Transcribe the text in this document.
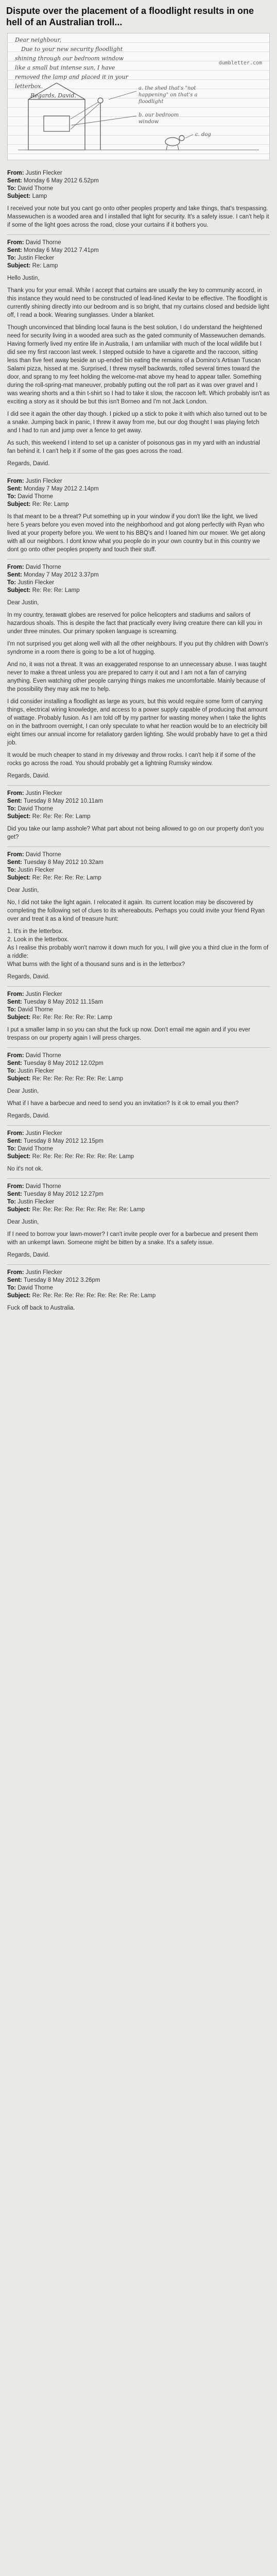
Dispute over the placement of a floodlight results in one hell of an Australian troll...
Dear neighbour,
Due to your new security floodlight
shining through our bedroom window
like a small but intense sun, I have
removed the lamp and placed it in your
letterbox.
Regards, David.
dumbletter.com
a. the shed that's "not happening" on that's a floodlight
b. our bedroom window
c. dog
From: Justin Flecker
Sent: Monday 6 May 2012 6.52pm
To: David Thorne
Subject: Lamp

I received your note but you cant go onto other peoples property and take things, that's trespassing. Massewuchen is a wooded area and I installed that light for security. It's a safety issue. I can't help it if some of the light goes across the road, close your curtains if it bothers you.

From: David Thorne
Sent: Monday 6 May 2012 7.41pm
To: Justin Flecker
Subject: Re: Lamp

Hello Justin,

Thank you for your email. While I accept that curtains are usually the key to community accord, in this instance they would need to be constructed of lead-lined Kevlar to be effective. The floodlight is currently shining directly into our bedroom and is so bright, that my curtains closed and bedside light off, I read a book. Wearing sunglasses. Under a blanket.

Though unconvinced that blinding local fauna is the best solution, I do understand the heightened need for security living in a wooded area such as the gated community of Massewuchen demands. Having formerly lived my entire life in Australia, I am unfamiliar with much of the local wildlife but I did see my first raccoon last week. I stepped outside to have a cigarette and the raccoon, sitting less than five feet away beside an up-ended bin eating the remains of a Domino's Artisan Tuscan Salami pizza, hissed at me. Surprised, I threw myself backwards, rolled several times toward the door, and sprang to my feet holding the welcome-mat above my head to appear taller. Something during the roll-spring-mat maneuver, probably putting out the roll part as it was over gravel and I was wearing shorts and a thin t-shirt so I had to take it slow, the raccoon left. Which probably isn't as exciting a story as it should be but this isn't Borneo and I'm not Jack London.

I did see it again the other day though. I picked up a stick to poke it with which also turned out to be a snake. Jumping back in panic, I threw it away from me, but our dog thought I was playing fetch and I had to run and jump over a fence to get away.

As such, this weekend I intend to set up a canister of poisonous gas in my yard with an industrial fan behind it. I can't help it if some of the gas goes across the road.

Regards, David.

From: Justin Flecker
Sent: Monday 7 May 2012 2.14pm
To: David Thorne
Subject: Re: Re: Lamp

Is that meant to be a threat? Put something up in your window if you don't like the light, we lived here 5 years before you even moved into the neighborhood and got along perfectly with Ryan who lived at your property before you. We went to his BBQ's and I loaned him our mower. We get along with all our neighbors. I dont know what you people do in your own country but in this country we dont go onto other peoples property and touch their stuff.

From: David Thorne
Sent: Monday 7 May 2012 3.37pm
To: Justin Flecker
Subject: Re: Re: Re: Lamp

Dear Justin,

In my country, terawatt globes are reserved for police helicopters and stadiums and sailors of hazardous shoals. This is despite the fact that practically every living creature there can kill you in under three minutes. Our primary spoken language is screaming.

I'm not surprised you get along well with all the other neighbours. If you put thy children with Down's syndrome in a room there is going to be a lot of hugging.

And no, it was not a threat. It was an exaggerated response to an unnecessary abuse. I was taught never to make a threat unless you are prepared to carry it out and I am not a fan of carrying anything. Even watching other people carrying things makes me uncomfortable. Mainly because of the possibility they may ask me to help.

I did consider installing a floodlight as large as yours, but this would require some form of carrying things, electrical wiring knowledge, and access to a power supply capable of producing that amount of wattage. Probably fusion. As I am told off by my partner for wasting money when I take the lights on in the bathroom overnight, I can only speculate to what her reaction would be to an electricity bill eight times our annual income for retaliatory garden lighting. She would probably have to get a third job.

It would be much cheaper to stand in my driveway and throw rocks. I can't help it if some of the rocks go across the road. You should probably get a lightning Rumsky window.

Regards, David.

From: Justin Flecker
Sent: Tuesday 8 May 2012 10.11am
To: David Thorne
Subject: Re: Re: Re: Re: Lamp

Did you take our lamp asshole? What part about not being allowed to go on our property don't you get?

From: David Thorne
Sent: Tuesday 8 May 2012 10.32am
To: Justin Flecker
Subject: Re: Re: Re: Re: Re: Lamp

Dear Justin,

No, I did not take the light again. I relocated it again. Its current location may be discovered by completing the following set of clues to its whereabouts. Perhaps you could invite your friend Ryan over and treat it as a kind of treasure hunt:

1. It's in the letterbox.
2. Look in the letterbox.
As I realise this probably won't narrow it down much for you, I will give you a third clue in the form of a riddle:
What burns with the light of a thousand suns and is in the letterbox?
Regards, David.
From: Justin Flecker
Sent: Tuesday 8 May 2012 11.15am
To: David Thorne
Subject: Re: Re: Re: Re: Re: Re: Lamp

I put a smaller lamp in so you can shut the fuck up now. Don't email me again and if you ever trespass on our property again I will press charges.

From: David Thorne
Sent: Tuesday 8 May 2012 12.02pm
To: Justin Flecker
Subject: Re: Re: Re: Re: Re: Re: Re: Lamp

Dear Justin,

What if I have a barbecue and need to send you an invitation? Is it ok to email you then?

Regards, David.

From: Justin Flecker
Sent: Tuesday 8 May 2012 12.15pm
To: David Thorne
Subject: Re: Re: Re: Re: Re: Re: Re: Re: Lamp

No it's not ok.

From: David Thorne
Sent: Tuesday 8 May 2012 12.27pm
To: Justin Flecker
Subject: Re: Re: Re: Re: Re: Re: Re: Re: Re: Lamp

Dear Justin,

If I need to borrow your lawn-mower? I can't invite people over for a barbecue and present them with an unkempt lawn. Someone might be bitten by a snake. It's a safety issue.

Regards, David.

From: Justin Flecker
Sent: Tuesday 8 May 2012 3.26pm
To: David Thorne
Subject: Re: Re: Re: Re: Re: Re: Re: Re: Re: Re: Lamp

Fuck off back to Australia.
